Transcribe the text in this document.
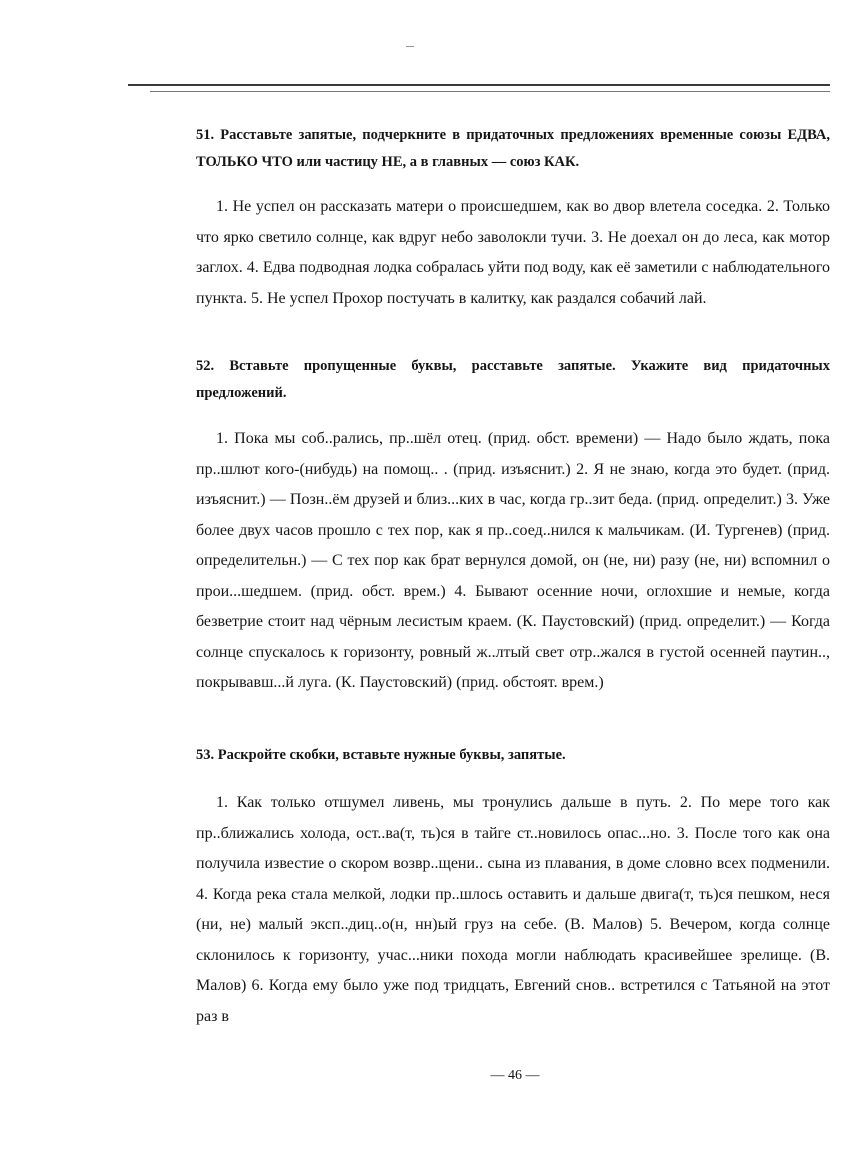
51. Расставьте запятые, подчеркните в придаточных предложениях временные союзы ЕДВА, ТОЛЬКО ЧТО или частицу НЕ, а в главных — союз КАК.
1. Не успел он рассказать матери о происшедшем, как во двор влетела соседка. 2. Только что ярко светило солнце, как вдруг небо заволокли тучи. 3. Не доехал он до леса, как мотор заглох. 4. Едва подводная лодка собралась уйти под воду, как её заметили с наблюдательного пункта. 5. Не успел Прохор постучать в калитку, как раздался собачий лай.
52. Вставьте пропущенные буквы, расставьте запятые. Укажите вид придаточных предложений.
1. Пока мы соб..рались, пр..шёл отец. (прид. обст. времени) — Надо было ждать, пока пр..шлют кого-(нибудь) на помощ.. . (прид. изъяснит.) 2. Я не знаю, когда это будет. (прид. изъяснит.) — Позн..ём друзей и близ...ких в час, когда гр..зит беда. (прид. определит.) 3. Уже более двух часов прошло с тех пор, как я пр..соед..нился к мальчикам. (И. Тургенев) (прид. определительн.) — С тех пор как брат вернулся домой, он (не, ни) разу (не, ни) вспомнил о прои...шедшем. (прид. обст. врем.) 4. Бывают осенние ночи, оглохшие и немые, когда безветрие стоит над чёрным лесистым краем. (К. Паустовский) (прид. определит.) — Когда солнце спускалось к горизонту, ровный ж..лтый свет отр..жался в густой осенней паутин.., покрывавш...й луга. (К. Паустовский) (прид. обстоят. врем.)
53. Раскройте скобки, вставьте нужные буквы, запятые.
1. Как только отшумел ливень, мы тронулись дальше в путь. 2. По мере того как пр..ближались холода, ост..ва(т, ть)ся в тайге ст..новилось опас...но. 3. После того как она получила известие о скором возвр..щени.. сына из плавания, в доме словно всех подменили. 4. Когда река стала мелкой, лодки пр..шлось оставить и дальше двига(т, ть)ся пешком, неся (ни, не) малый эксп..диц..о(н, нн)ый груз на себе. (В. Малов) 5. Вечером, когда солнце склонилось к горизонту, учас...ники похода могли наблюдать красивейшее зрелище. (В. Малов) 6. Когда ему было уже под тридцать, Евгений снов.. встретился с Татьяной на этот раз в
— 46 —
